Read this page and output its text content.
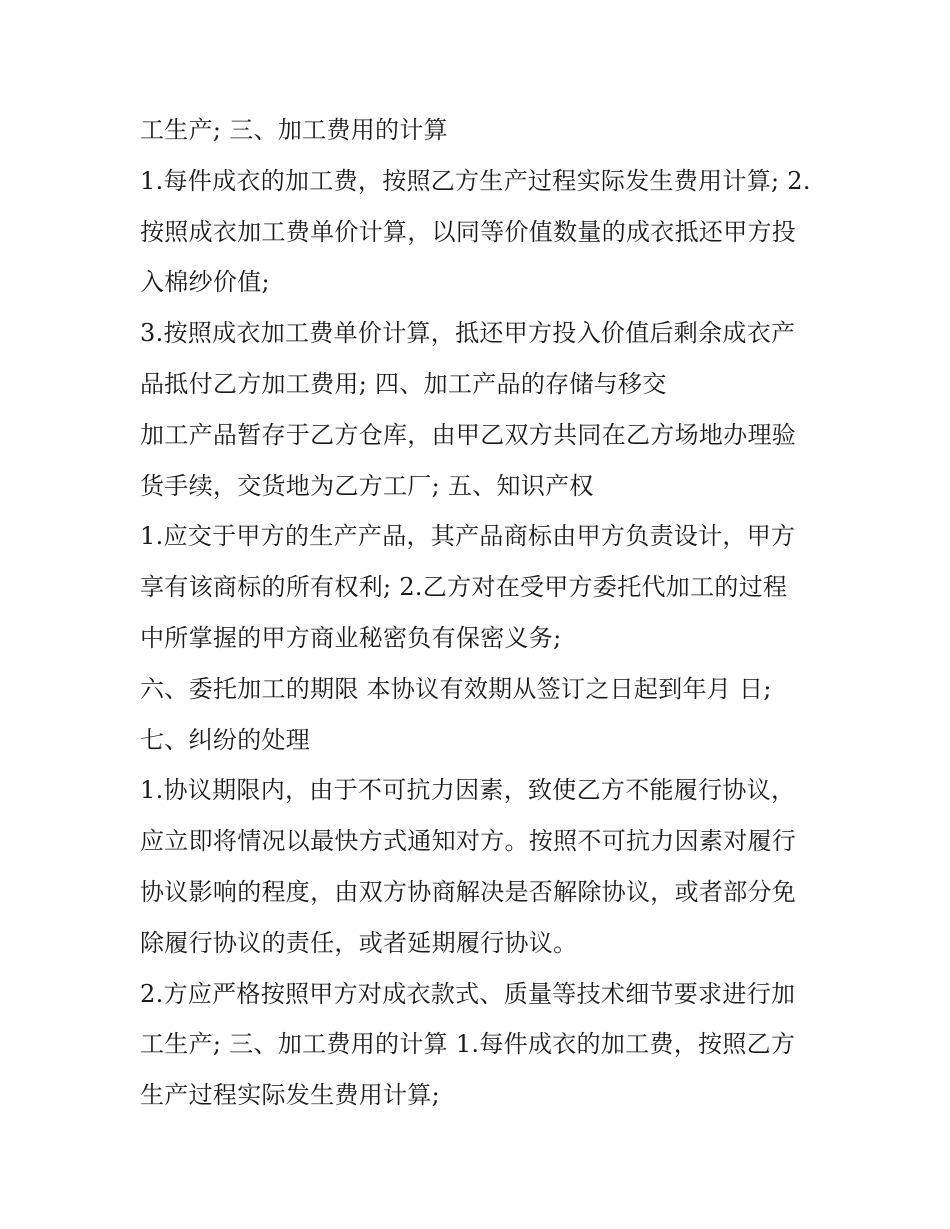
工生产; 三、加工费用的计算
1.每件成衣的加工费，按照乙方生产过程实际发生费用计算; 2.
按照成衣加工费单价计算，以同等价值数量的成衣抵还甲方投
入棉纱价值;
3.按照成衣加工费单价计算，抵还甲方投入价值后剩余成衣产
品抵付乙方加工费用; 四、加工产品的存储与移交
加工产品暂存于乙方仓库，由甲乙双方共同在乙方场地办理验
货手续，交货地为乙方工厂; 五、知识产权
1.应交于甲方的生产产品，其产品商标由甲方负责设计，甲方
享有该商标的所有权利; 2.乙方对在受甲方委托代加工的过程
中所掌握的甲方商业秘密负有保密义务;
六、委托加工的期限 本协议有效期从签订之日起到年月 日;
七、纠纷的处理
1.协议期限内，由于不可抗力因素，致使乙方不能履行协议，
应立即将情况以最快方式通知对方。按照不可抗力因素对履行
协议影响的程度，由双方协商解决是否解除协议，或者部分免
除履行协议的责任，或者延期履行协议。
2.方应严格按照甲方对成衣款式、质量等技术细节要求进行加
工生产; 三、加工费用的计算 1.每件成衣的加工费，按照乙方
生产过程实际发生费用计算;
